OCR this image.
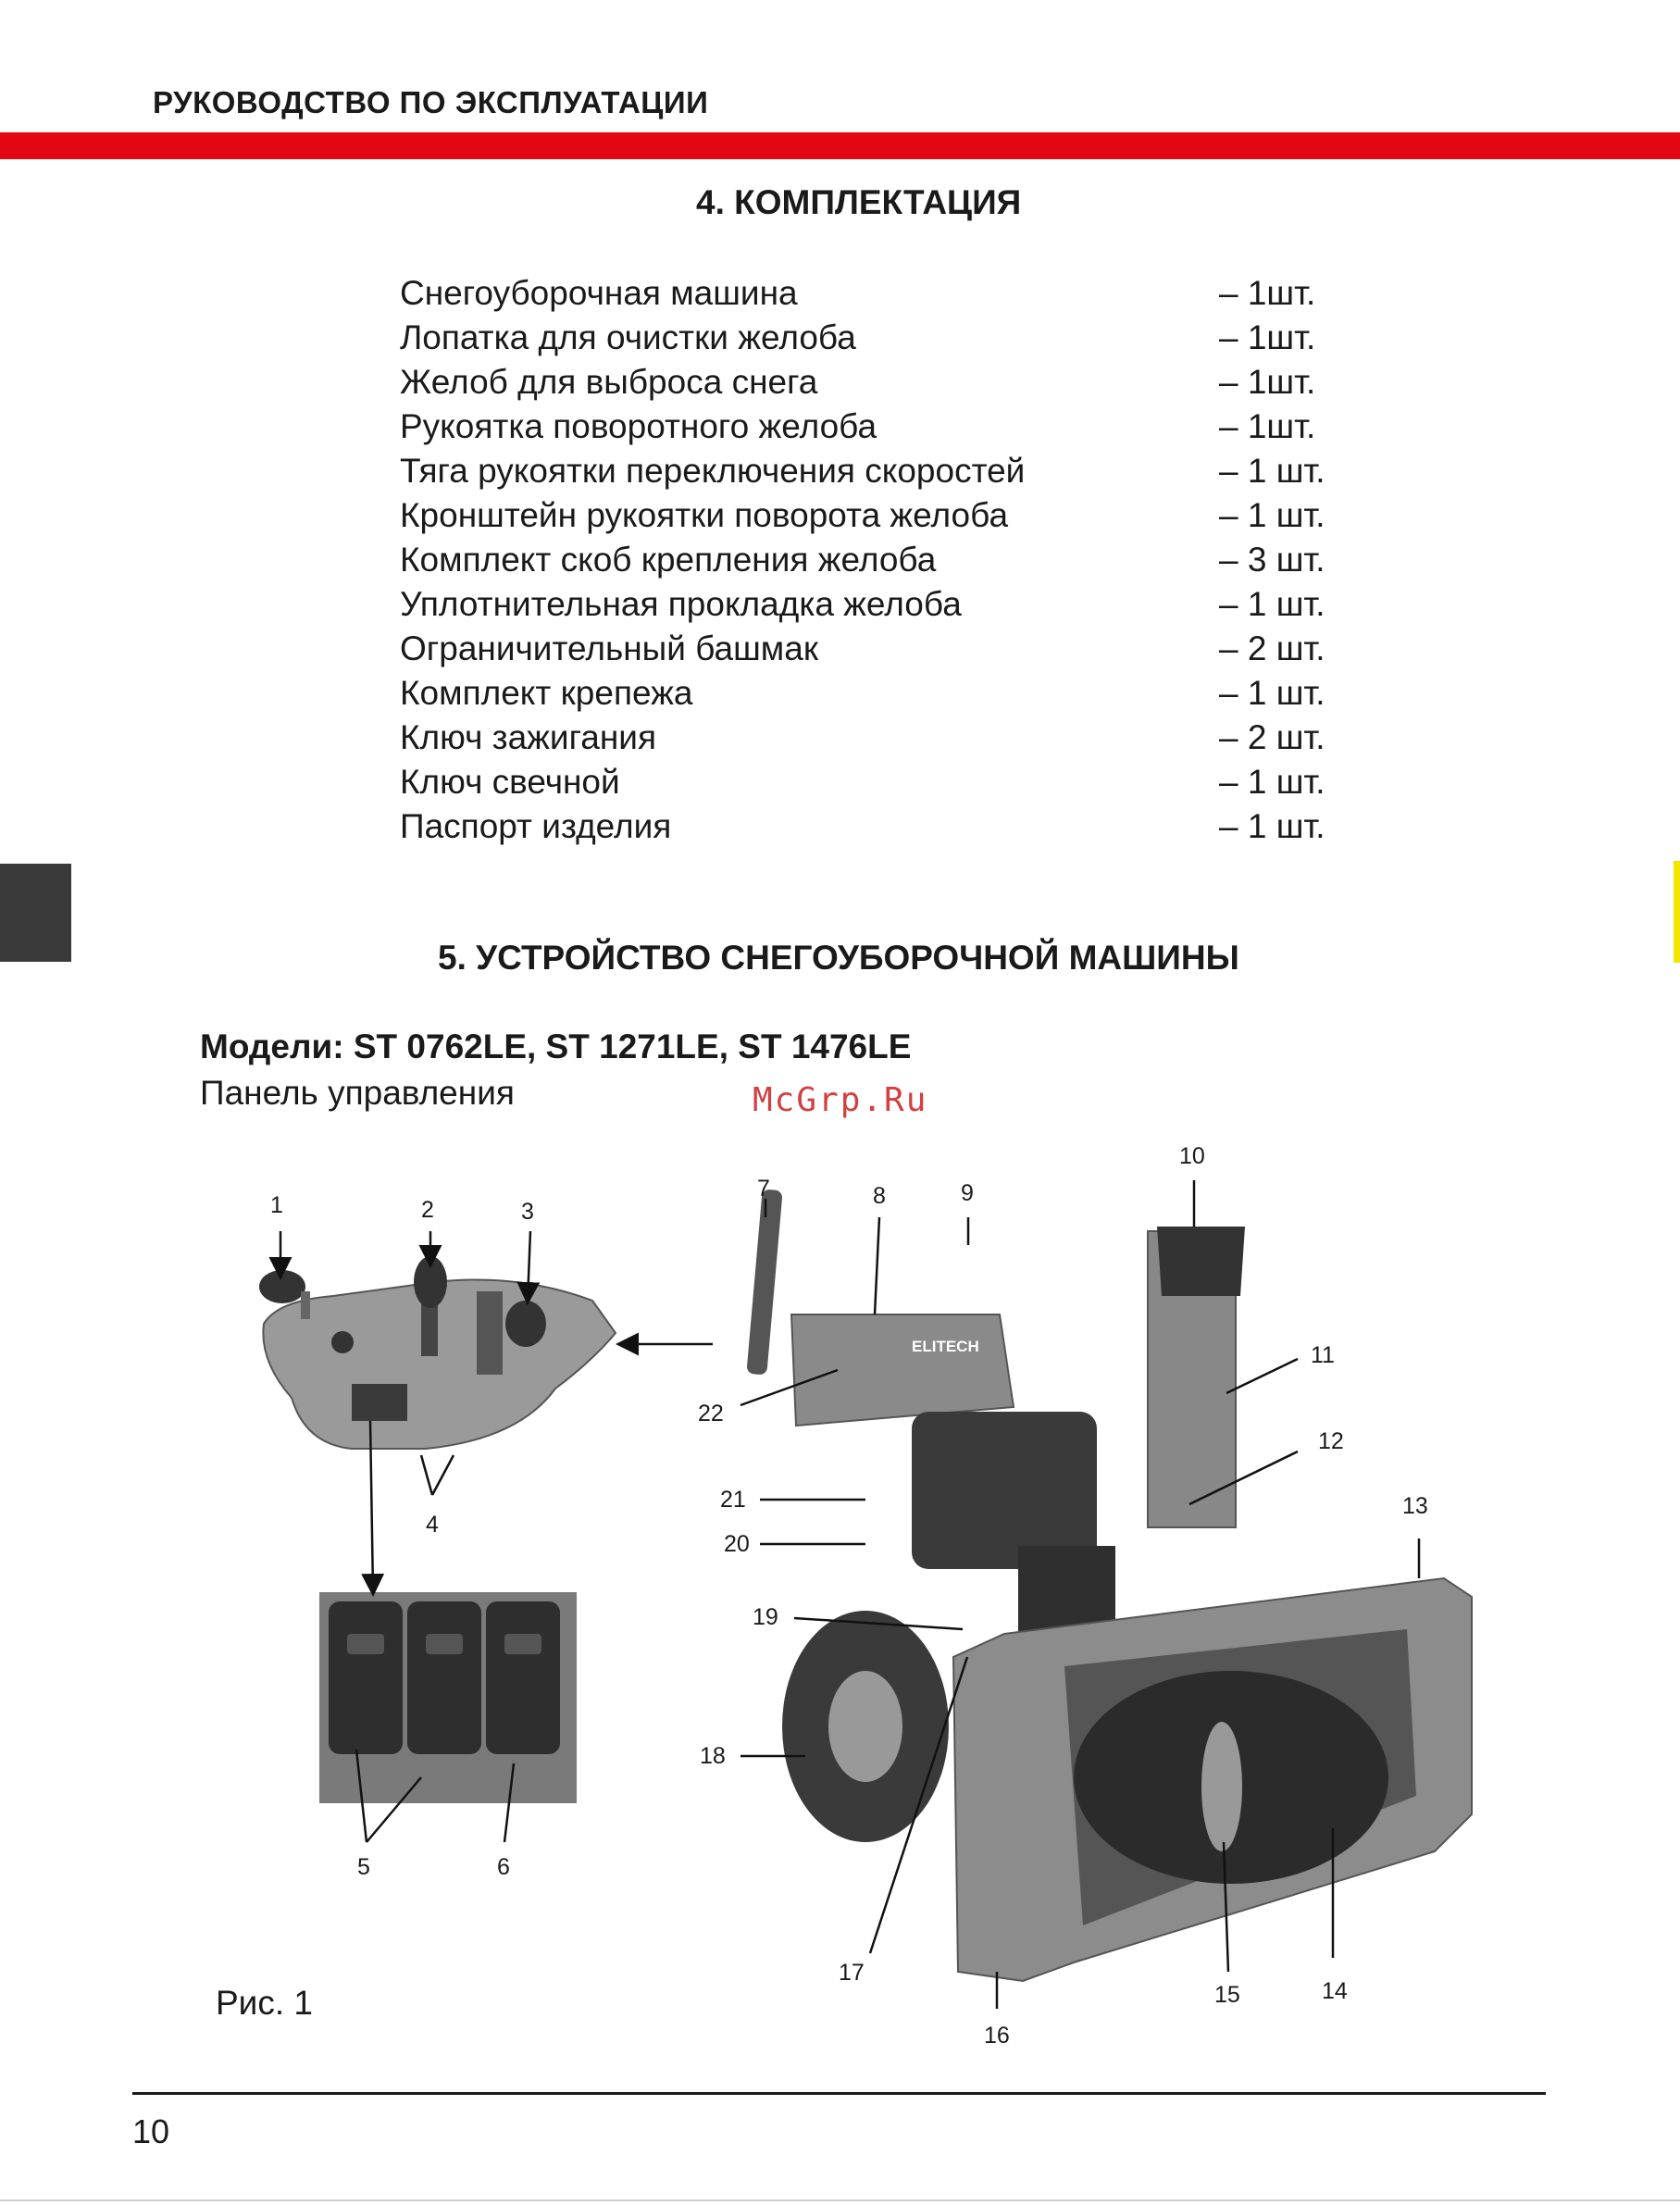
РУКОВОДСТВО ПО ЭКСПЛУАТАЦИИ
4. КОМПЛЕКТАЦИЯ
Снегоуборочная машина	– 1шт.
Лопатка для очистки желоба	– 1шт.
Желоб для выброса снега	– 1шт.
Рукоятка поворотного желоба	– 1шт.
Тяга рукоятки переключения скоростей	– 1 шт.
Кронштейн рукоятки поворота желоба	– 1 шт.
Комплект скоб крепления желоба	– 3 шт.
Уплотнительная прокладка желоба	– 1 шт.
Ограничительный башмак	– 2 шт.
Комплект крепежа	– 1 шт.
Ключ зажигания	– 2 шт.
Ключ свечной	– 1 шт.
Паспорт изделия	– 1 шт.
5. УСТРОЙСТВО СНЕГОУБОРОЧНОЙ МАШИНЫ
Модели: ST 0762LE, ST 1271LE, ST 1476LE
Панель управления	McGrp.Ru
ELITECH
1	2	3
4
5	6
7	8	9
10
11
12
13
14
15
16
17
18
19
20
21
22
Рис. 1
10
